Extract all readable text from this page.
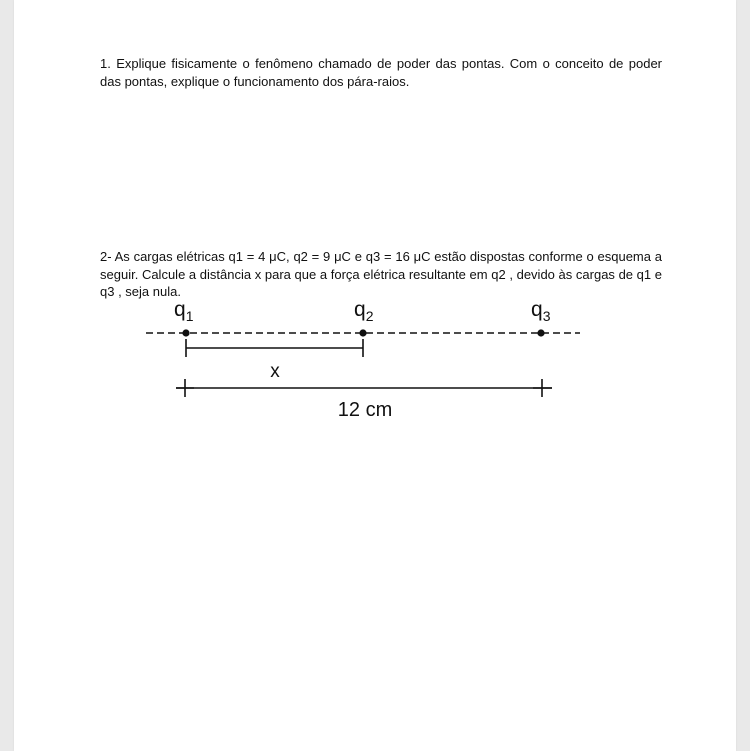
1. Explique fisicamente o fenômeno chamado de poder das pontas. Com o conceito de poder das pontas, explique o funcionamento dos pára-raios.

2- As cargas elétricas q1 = 4 μC, q2 = 9 μC e q3 = 16 μC estão dispostas conforme o esquema a seguir. Calcule a distância x para que a força elétrica resultante em q2 , devido às cargas de q1 e q3 , seja nula.

$q_1$	$q_2$	$q_3$
x
12 cm
